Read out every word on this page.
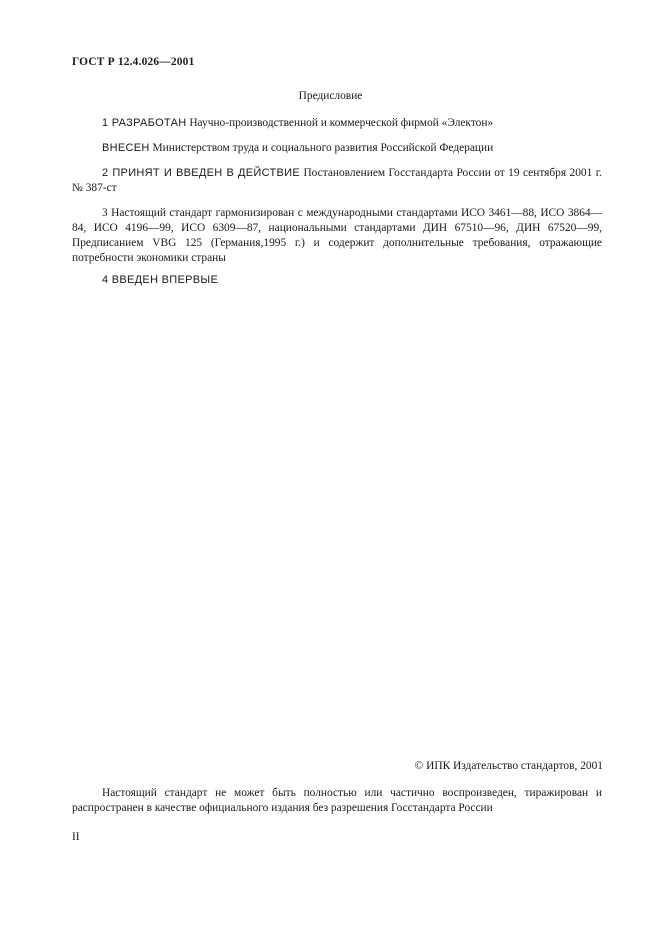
ГОСТ Р 12.4.026—2001
Предисловие

1 РАЗРАБОТАН Научно-производственной и коммерческой фирмой «Электон»

ВНЕСЕН Министерством труда и социального развития Российской Федерации

2 ПРИНЯТ И ВВЕДЕН В ДЕЙСТВИЕ Постановлением Госстандарта России от 19 сентября 2001 г. № 387-ст

3 Настоящий стандарт гармонизирован с международными стандартами ИСО 3461—88, ИСО 3864—84, ИСО 4196—99, ИСО 6309—87, национальными стандартами ДИН 67510—96, ДИН 67520—99, Предписанием VBG 125 (Германия,1995 г.) и содержит дополнительные требования, отражающие потребности экономики страны

4 ВВЕДЕН ВПЕРВЫЕ

© ИПК Издательство стандартов, 2001

Настоящий стандарт не может быть полностью или частично воспроизведен, тиражирован и распространен в качестве официального издания без разрешения Госстандарта России

II
